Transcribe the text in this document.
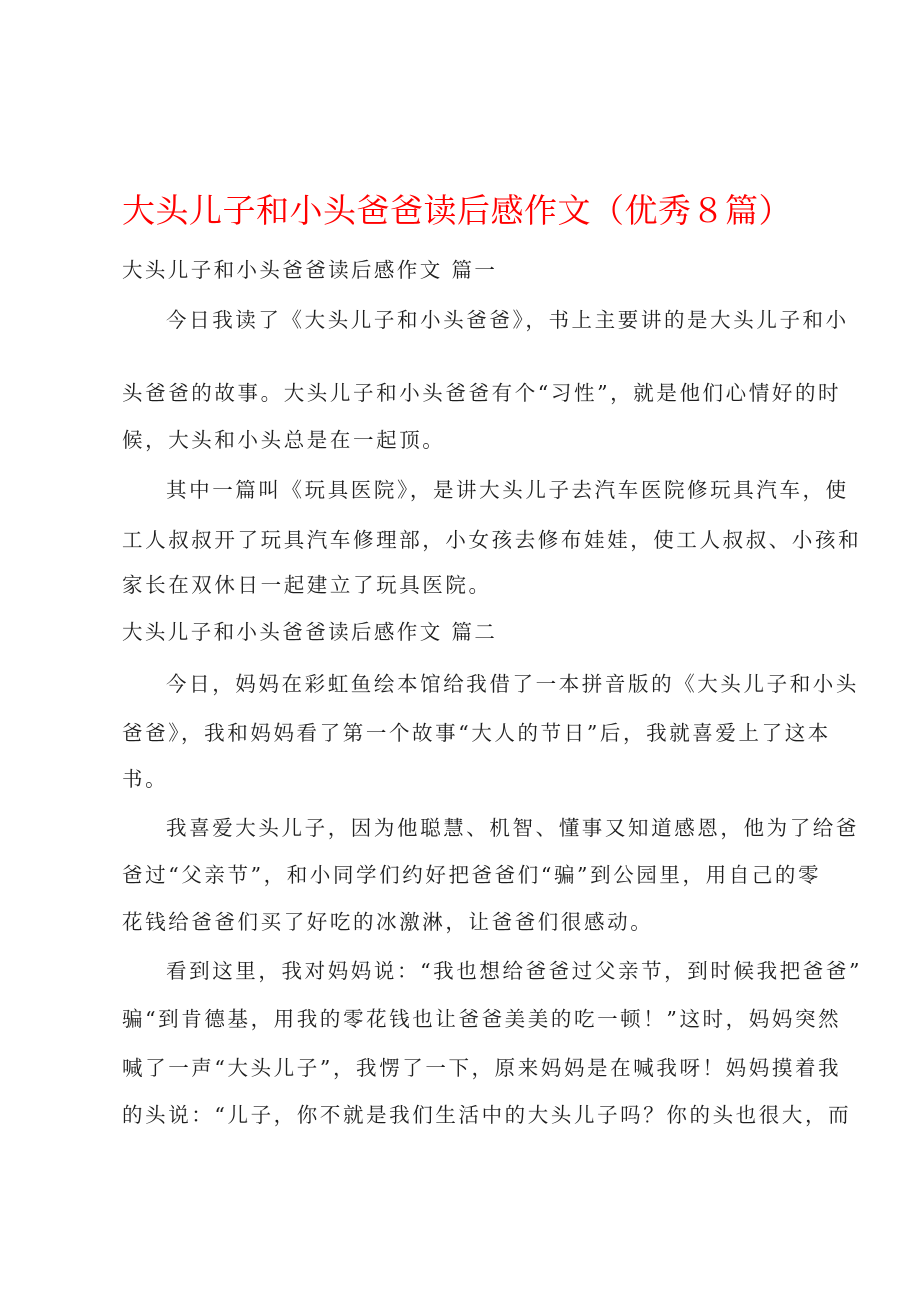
大头儿子和小头爸爸读后感作文（优秀８篇）
大头儿子和小头爸爸读后感作文 篇一
今日我读了《大头儿子和小头爸爸》，书上主要讲的是大头儿子和小
头爸爸的故事。大头儿子和小头爸爸有个“习性”，就是他们心情好的时
候，大头和小头总是在一起顶。
其中一篇叫《玩具医院》，是讲大头儿子去汽车医院修玩具汽车，使
工人叔叔开了玩具汽车修理部，小女孩去修布娃娃，使工人叔叔、小孩和
家长在双休日一起建立了玩具医院。
大头儿子和小头爸爸读后感作文 篇二
今日，妈妈在彩虹鱼绘本馆给我借了一本拼音版的《大头儿子和小头
爸爸》，我和妈妈看了第一个故事“大人的节日”后，我就喜爱上了这本
书。
我喜爱大头儿子，因为他聪慧、机智、懂事又知道感恩，他为了给爸
爸过“父亲节”，和小同学们约好把爸爸们“骗”到公园里，用自己的零
花钱给爸爸们买了好吃的冰激淋，让爸爸们很感动。
看到这里，我对妈妈说：“我也想给爸爸过父亲节，到时候我把爸爸”
骗“到肯德基，用我的零花钱也让爸爸美美的吃一顿！”这时，妈妈突然
喊了一声“大头儿子”，我愣了一下，原来妈妈是在喊我呀！妈妈摸着我
的头说：“儿子，你不就是我们生活中的大头儿子吗？你的头也很大，而
